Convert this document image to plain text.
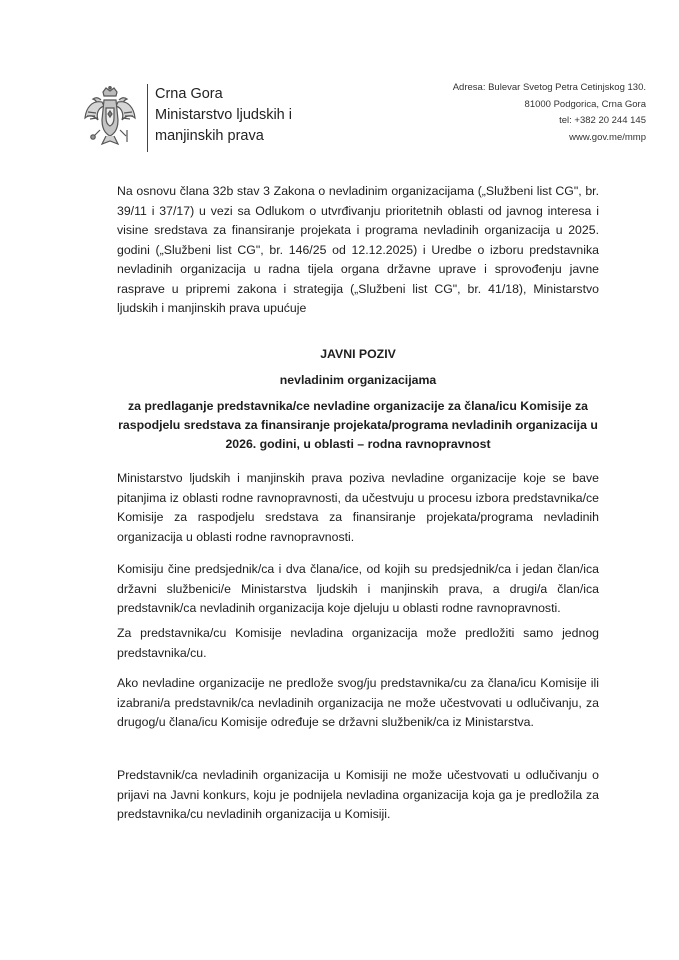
Crna Gora
Ministarstvo ljudskih i
manjinskih prava
Adresa: Bulevar Svetog Petra Cetinjskog 130.
81000 Podgorica, Crna Gora
tel: +382 20 244 145
www.gov.me/mmp

Na osnovu člana 32b stav 3 Zakona o nevladinim organizacijama („Službeni list CG", br. 39/11 i 37/17) u vezi sa Odlukom o utvrđivanju prioritetnih oblasti od javnog interesa i visine sredstava za finansiranje projekata i programa nevladinih organizacija u 2025. godini („Službeni list CG", br. 146/25 od 12.12.2025) i Uredbe o izboru predstavnika nevladinih organizacija u radna tijela organa državne uprave i sprovođenju javne rasprave u pripremi zakona i strategija („Službeni list CG", br. 41/18), Ministarstvo ljudskih i manjinskih prava upućuje

JAVNI POZIV
nevladinim organizacijama
za predlaganje predstavnika/ce nevladine organizacije za člana/icu Komisije za raspodjelu sredstava za finansiranje projekata/programa nevladinih organizacija u 2026. godini, u oblasti – rodna ravnopravnost

Ministarstvo ljudskih i manjinskih prava poziva nevladine organizacije koje se bave pitanjima iz oblasti rodne ravnopravnosti, da učestvuju u procesu izbora predstavnika/ce Komisije za raspodjelu sredstava za finansiranje projekata/programa nevladinih organizacija u oblasti rodne ravnopravnosti.

Komisiju čine predsjednik/ca i dva člana/ice, od kojih su predsjednik/ca i jedan član/ica državni službenici/e Ministarstva ljudskih i manjinskih prava, a drugi/a član/ica predstavnik/ca nevladinih organizacija koje djeluju u oblasti rodne ravnopravnosti.

Za predstavnika/cu Komisije nevladina organizacija može predložiti samo jednog predstavnika/cu.

Ako nevladine organizacije ne predlože svog/ju predstavnika/cu za člana/icu Komisije ili izabrani/a predstavnik/ca nevladinih organizacija ne može učestvovati u odlučivanju, za drugog/u člana/icu Komisije određuje se državni službenik/ca iz Ministarstva.

Predstavnik/ca nevladinih organizacija u Komisiji ne može učestvovati u odlučivanju o prijavi na Javni konkurs, koju je podnijela nevladina organizacija koja ga je predložila za predstavnika/cu nevladinih organizacija u Komisiji.
